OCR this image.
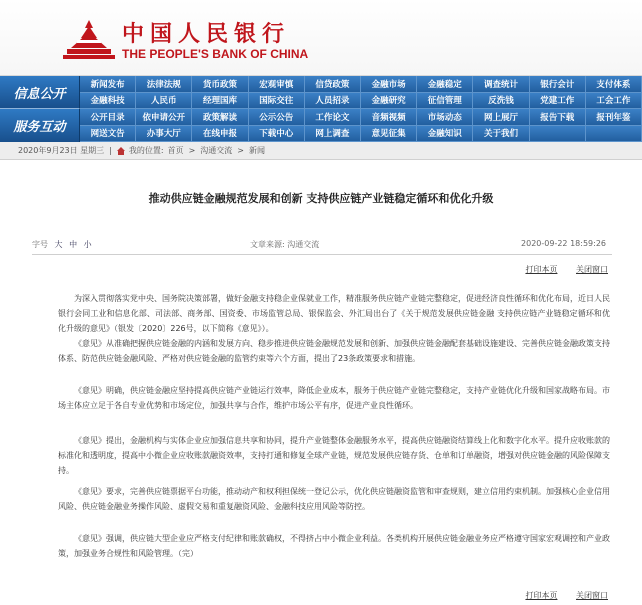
中国人民银行
THE PEOPLE'S BANK OF CHINA
信息公开
服务互动
新闻发布	法律法规	货币政策	宏观审慎	信贷政策	金融市场	金融稳定	调查统计	银行会计	支付体系
金融科技	人民币	经理国库	国际交往	人员招录	金融研究	征信管理	反洗钱	党建工作	工会工作
公开目录	依申请公开	政策解读	公示公告	工作论文	音频视频	市场动态	网上展厅	报告下载	报刊年鉴
网送文告	办事大厅	在线申报	下载中心	网上调查	意见征集	金融知识	关于我们
2020年9月23日 星期三 | 我的位置: 首页 > 沟通交流 > 新闻
推动供应链金融规范发展和创新 支持供应链产业链稳定循环和优化升级
字号 大 中 小	文章来源: 沟通交流	2020-09-22 18:59:26
打印本页 关闭窗口

为深入贯彻落实党中央、国务院决策部署，做好金融支持稳企业保就业工作，精准服务供应链产业链完整稳定，促进经济良性循环和优化布局，近日人民银行会同工业和信息化部、司法部、商务部、国资委、市场监管总局、银保监会、外汇局出台了《关于规范发展供应链金融 支持供应链产业链稳定循环和优化升级的意见》（银发〔2020〕226号，以下简称《意见》）。

《意见》从准确把握供应链金融的内涵和发展方向、稳步推进供应链金融规范发展和创新、加强供应链金融配套基础设施建设、完善供应链金融政策支持体系、防范供应链金融风险、严格对供应链金融的监管约束等六个方面，提出了23条政策要求和措施。

《意见》明确，供应链金融应坚持提高供应链产业链运行效率，降低企业成本，服务于供应链产业链完整稳定，支持产业链优化升级和国家战略布局。市场主体应立足于各自专业优势和市场定位，加强共享与合作，维护市场公平有序，促进产业良性循环。

《意见》提出，金融机构与实体企业应加强信息共享和协同，提升产业链整体金融服务水平，提高供应链融资结算线上化和数字化水平。提升应收账款的标准化和透明度，提高中小微企业应收账款融资效率，支持打通和修复全球产业链，规范发展供应链存货、仓单和订单融资，增强对供应链金融的风险保障支持。

《意见》要求，完善供应链票据平台功能，推动动产和权利担保统一登记公示，优化供应链融资监管和审查规则，建立信用约束机制。加强核心企业信用风险、供应链金融业务操作风险、虚假交易和重复融资风险、金融科技应用风险等防控。

《意见》强调，供应链大型企业应严格支付纪律和账款确权，不得挤占中小微企业利益。各类机构开展供应链金融业务应严格遵守国家宏观调控和产业政策，加强业务合规性和风险管理。（完）

打印本页 关闭窗口
